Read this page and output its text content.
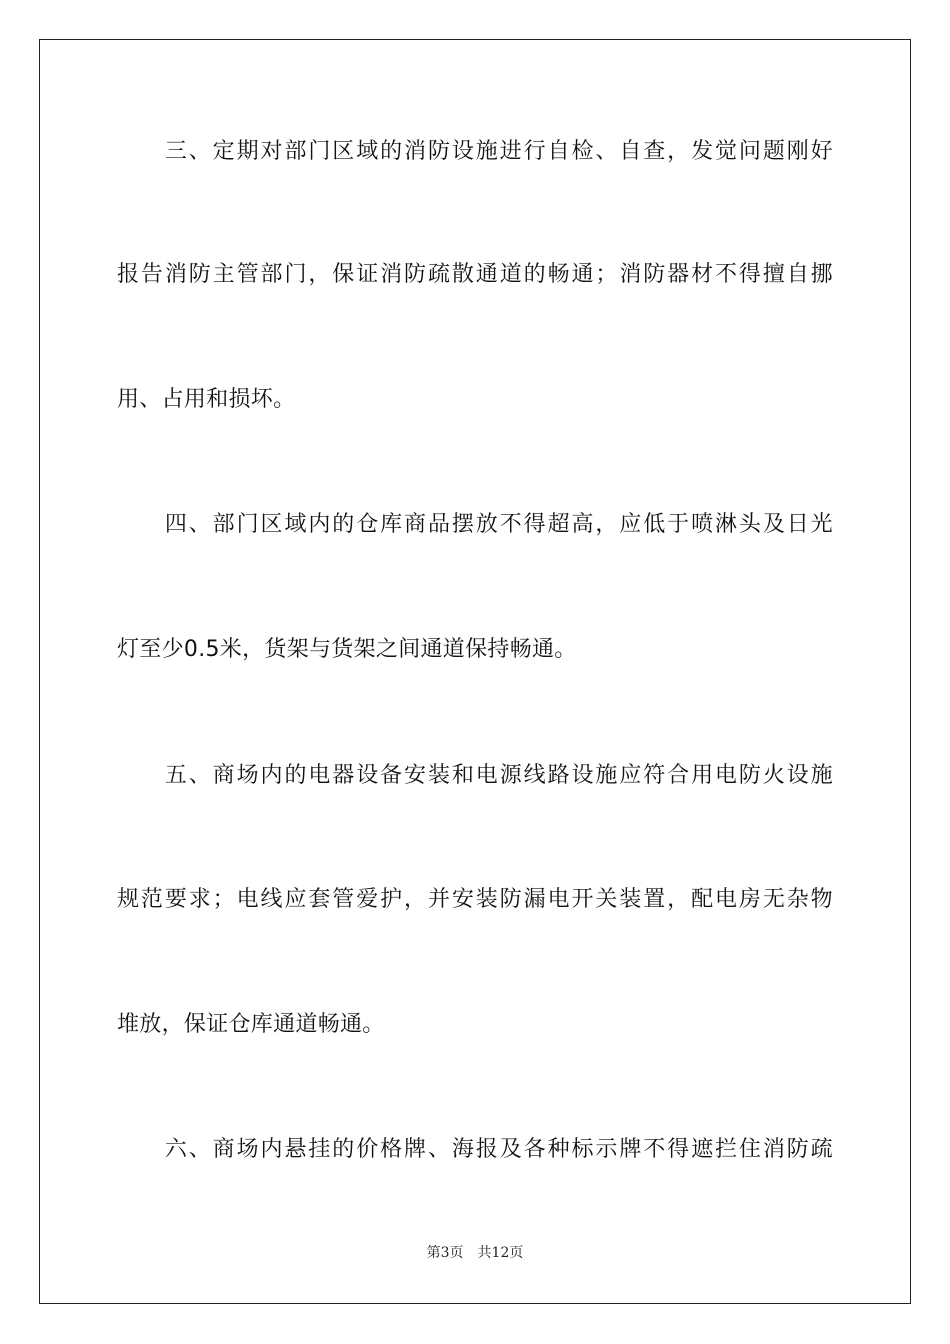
　　三、定期对部门区域的消防设施进行自检、自查，发觉问题刚好
报告消防主管部门，保证消防疏散通道的畅通；消防器材不得擅自挪
用、占用和损坏。
　　四、部门区域内的仓库商品摆放不得超高，应低于喷淋头及日光
灯至少0.5米，货架与货架之间通道保持畅通。
　　五、商场内的电器设备安装和电源线路设施应符合用电防火设施
规范要求；电线应套管爱护，并安装防漏电开关装置，配电房无杂物
堆放，保证仓库通道畅通。
　　六、商场内悬挂的价格牌、海报及各种标示牌不得遮拦住消防疏
第3页　共12页
